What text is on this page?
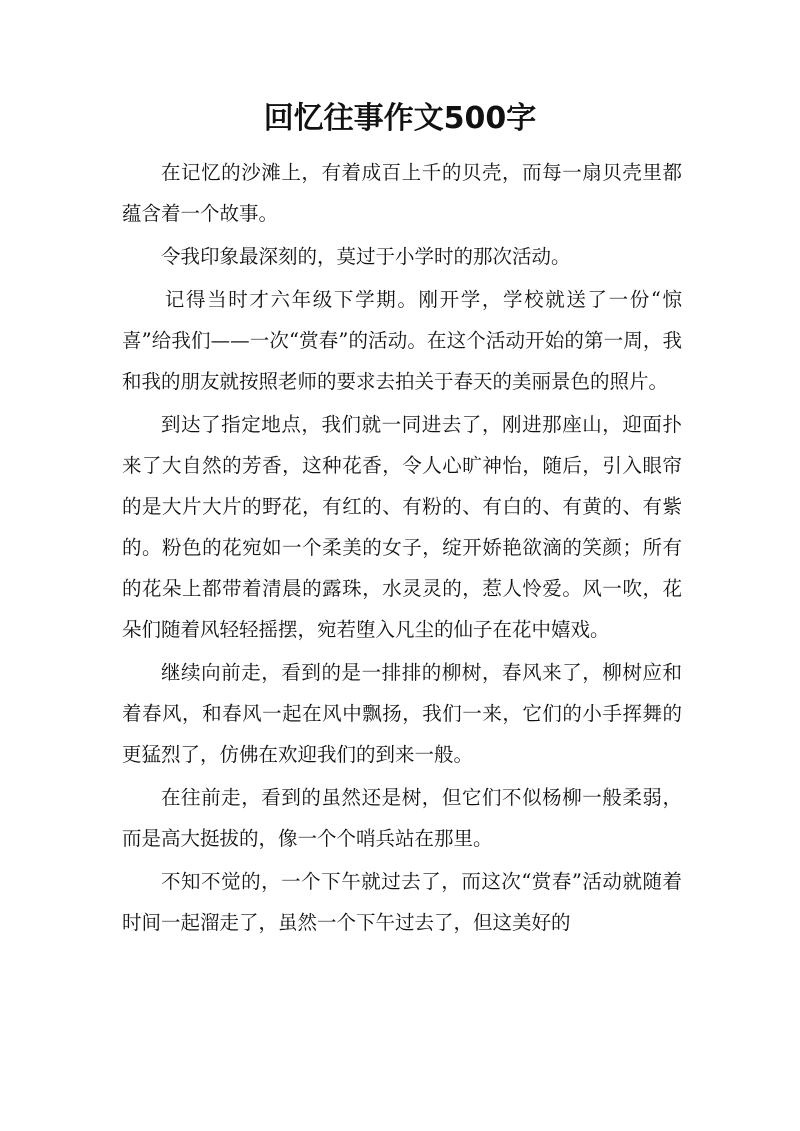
回忆往事作文500字

在记忆的沙滩上，有着成百上千的贝壳，而每一扇贝壳里都蕴含着一个故事。

令我印象最深刻的，莫过于小学时的那次活动。

记得当时才六年级下学期。刚开学，学校就送了一份“惊喜”给我们——一次“赏春”的活动。在这个活动开始的第一周，我和我的朋友就按照老师的要求去拍关于春天的美丽景色的照片。

到达了指定地点，我们就一同进去了，刚进那座山，迎面扑来了大自然的芳香，这种花香，令人心旷神怡，随后，引入眼帘的是大片大片的野花，有红的、有粉的、有白的、有黄的、有紫的。粉色的花宛如一个柔美的女子，绽开娇艳欲滴的笑颜；所有的花朵上都带着清晨的露珠，水灵灵的，惹人怜爱。风一吹，花朵们随着风轻轻摇摆，宛若堕入凡尘的仙子在花中嬉戏。

继续向前走，看到的是一排排的柳树，春风来了，柳树应和着春风，和春风一起在风中飘扬，我们一来，它们的小手挥舞的更猛烈了，仿佛在欢迎我们的到来一般。

在往前走，看到的虽然还是树，但它们不似杨柳一般柔弱，而是高大挺拔的，像一个个哨兵站在那里。

不知不觉的，一个下午就过去了，而这次“赏春”活动就随着时间一起溜走了，虽然一个下午过去了，但这美好的
